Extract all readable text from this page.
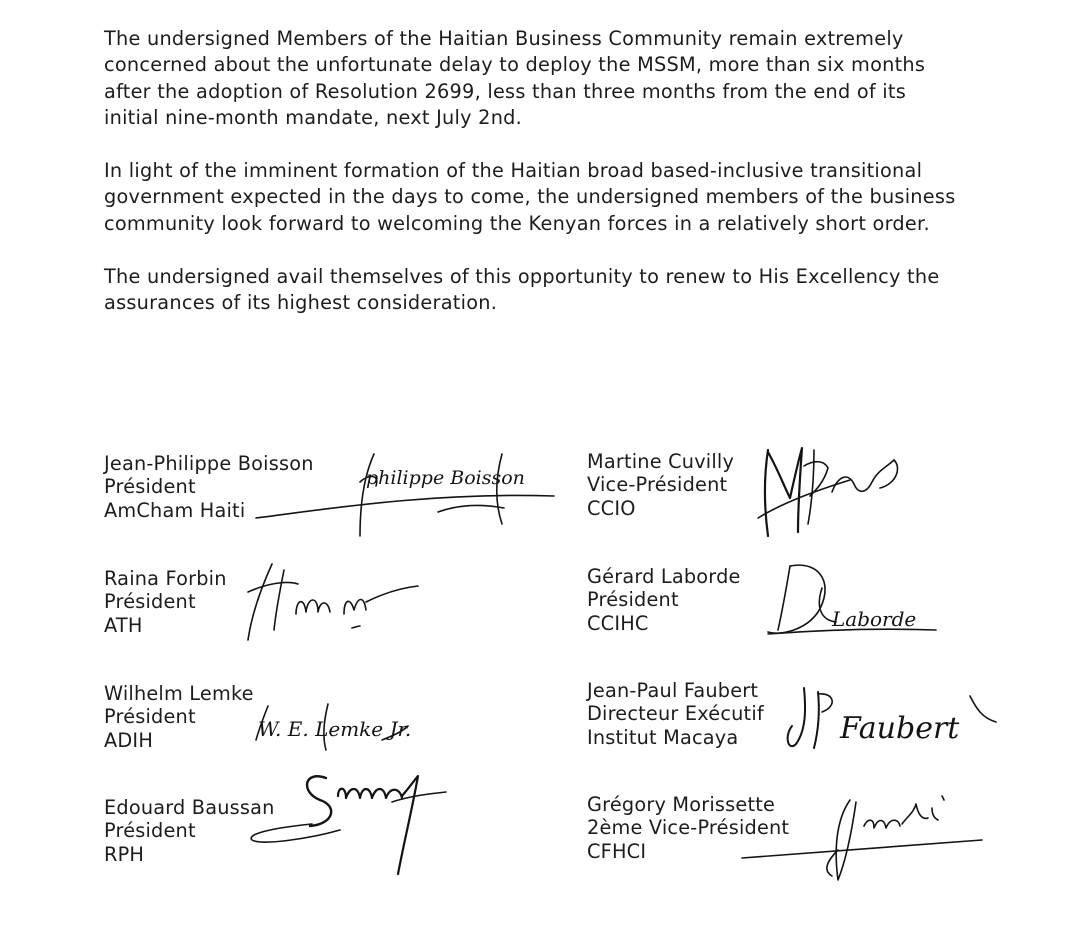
The undersigned Members of the Haitian Business Community remain extremely
concerned about the unfortunate delay to deploy the MSSM, more than six months
after the adoption of Resolution 2699, less than three months from the end of its
initial nine-month mandate, next July 2nd.
In light of the imminent formation of the Haitian broad based-inclusive transitional
government expected in the days to come, the undersigned members of the business
community look forward to welcoming the Kenyan forces in a relatively short order.
The undersigned avail themselves of this opportunity to renew to His Excellency the
assurances of its highest consideration.
Jean-Philippe Boisson
Président
AmCham Haiti
philippe Boisson
Raina Forbin
Président
ATH
Wilhelm Lemke
Président
ADIH	W. E. Lemke Jr.
Edouard Baussan
Président
RPH
Martine Cuvilly
Vice-Président
CCIO
Gérard Laborde
Président
CCIHC	Laborde
Jean-Paul Faubert
Directeur Exécutif
Institut Macaya	Faubert
Grégory Morissette
2ème Vice-Président
CFHCI
